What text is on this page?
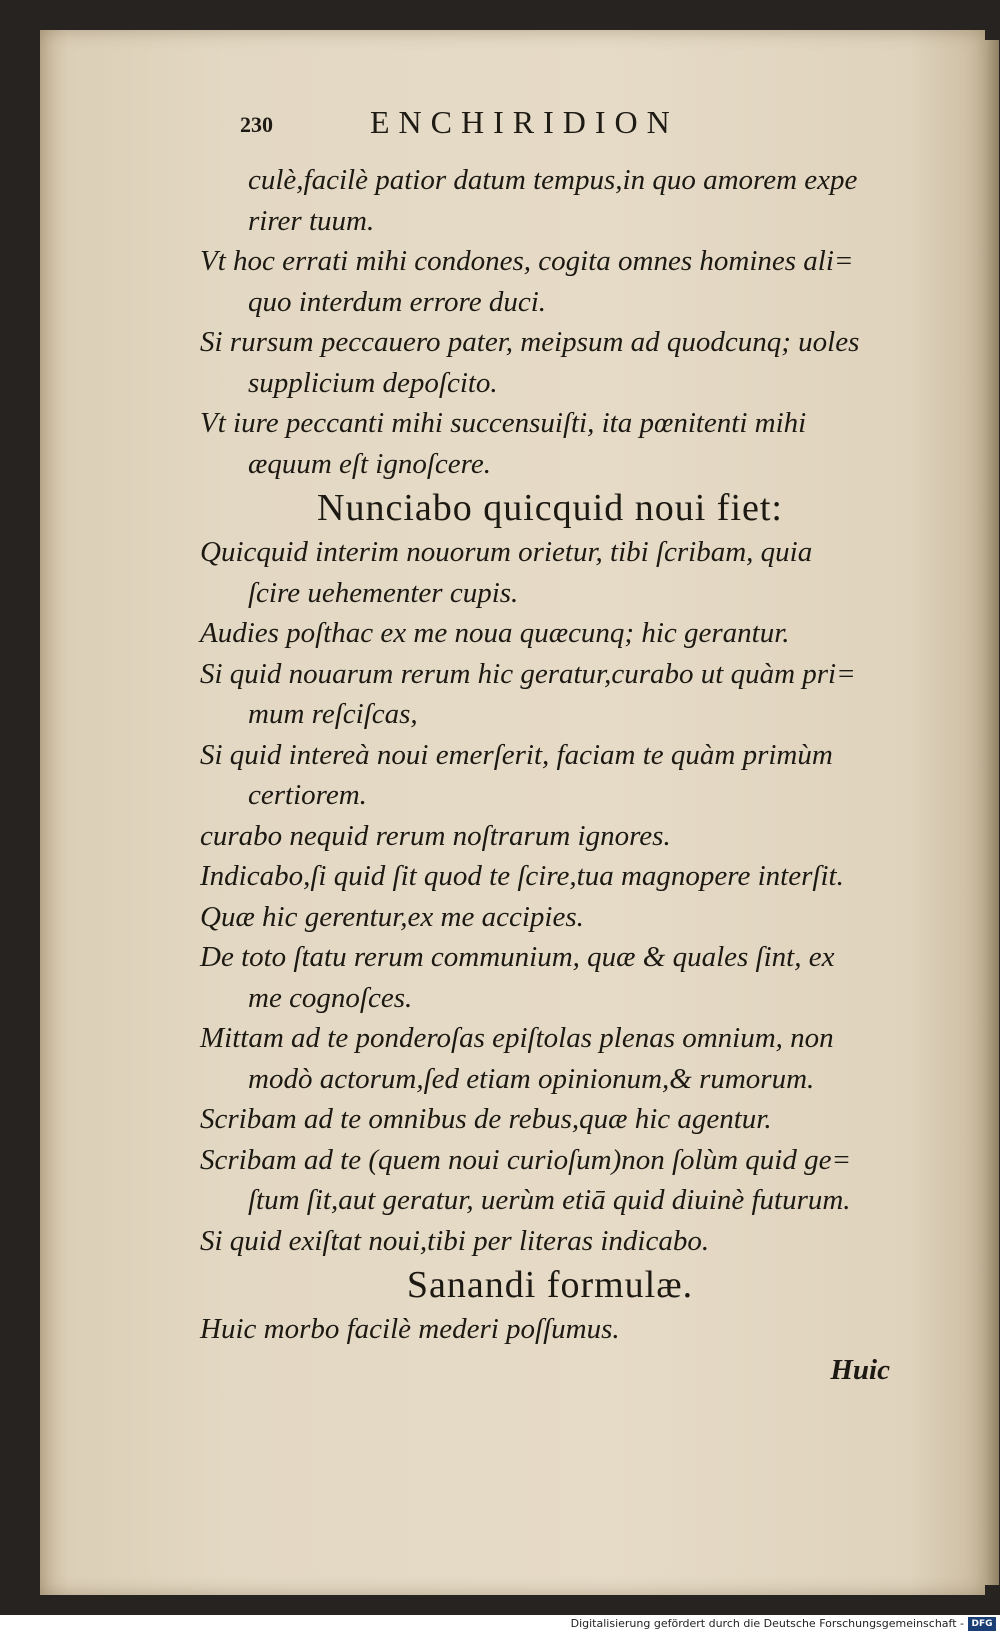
230	ENCHIRIDION
culè,facilè patior datum tempus,in quo amorem expe
rirer tuum.
Vt hoc errati mihi condones, cogita omnes homines ali=
quo interdum errore duci.
Si rursum peccauero pater, meipsum ad quodcunq; uoles
supplicium depoſcito.
Vt iure peccanti mihi succensuiſti, ita pœnitenti mihi
æquum eſt ignoſcere.
Nunciabo quicquid noui fiet:
Quicquid interim nouorum orietur, tibi ſcribam, quia
ſcire uehementer cupis.
Audies poſthac ex me noua quæcunq; hic gerantur.
Si quid nouarum rerum hic geratur,curabo ut quàm pri=
mum reſciſcas,
Si quid intereà noui emerſerit, faciam te quàm primùm
certiorem.
curabo nequid rerum noſtrarum ignores.
Indicabo,ſi quid ſit quod te ſcire,tua magnopere interſit.
Quæ hic gerentur,ex me accipies.
De toto ſtatu rerum communium, quæ & quales ſint, ex
me cognoſces.
Mittam ad te ponderoſas epiſtolas plenas omnium, non
modò actorum,ſed etiam opinionum,& rumorum.
Scribam ad te omnibus de rebus,quæ hic agentur.
Scribam ad te (quem noui curioſum)non ſolùm quid ge=
ſtum ſit,aut geratur, uerùm etiā quid diuinè futurum.
Si quid exiſtat noui,tibi per literas indicabo.
Sanandi formulæ.
Huic morbo facilè mederi poſſumus.
Huic
Digitalisierung gefördert durch die Deutsche Forschungsgemeinschaft - DFG
